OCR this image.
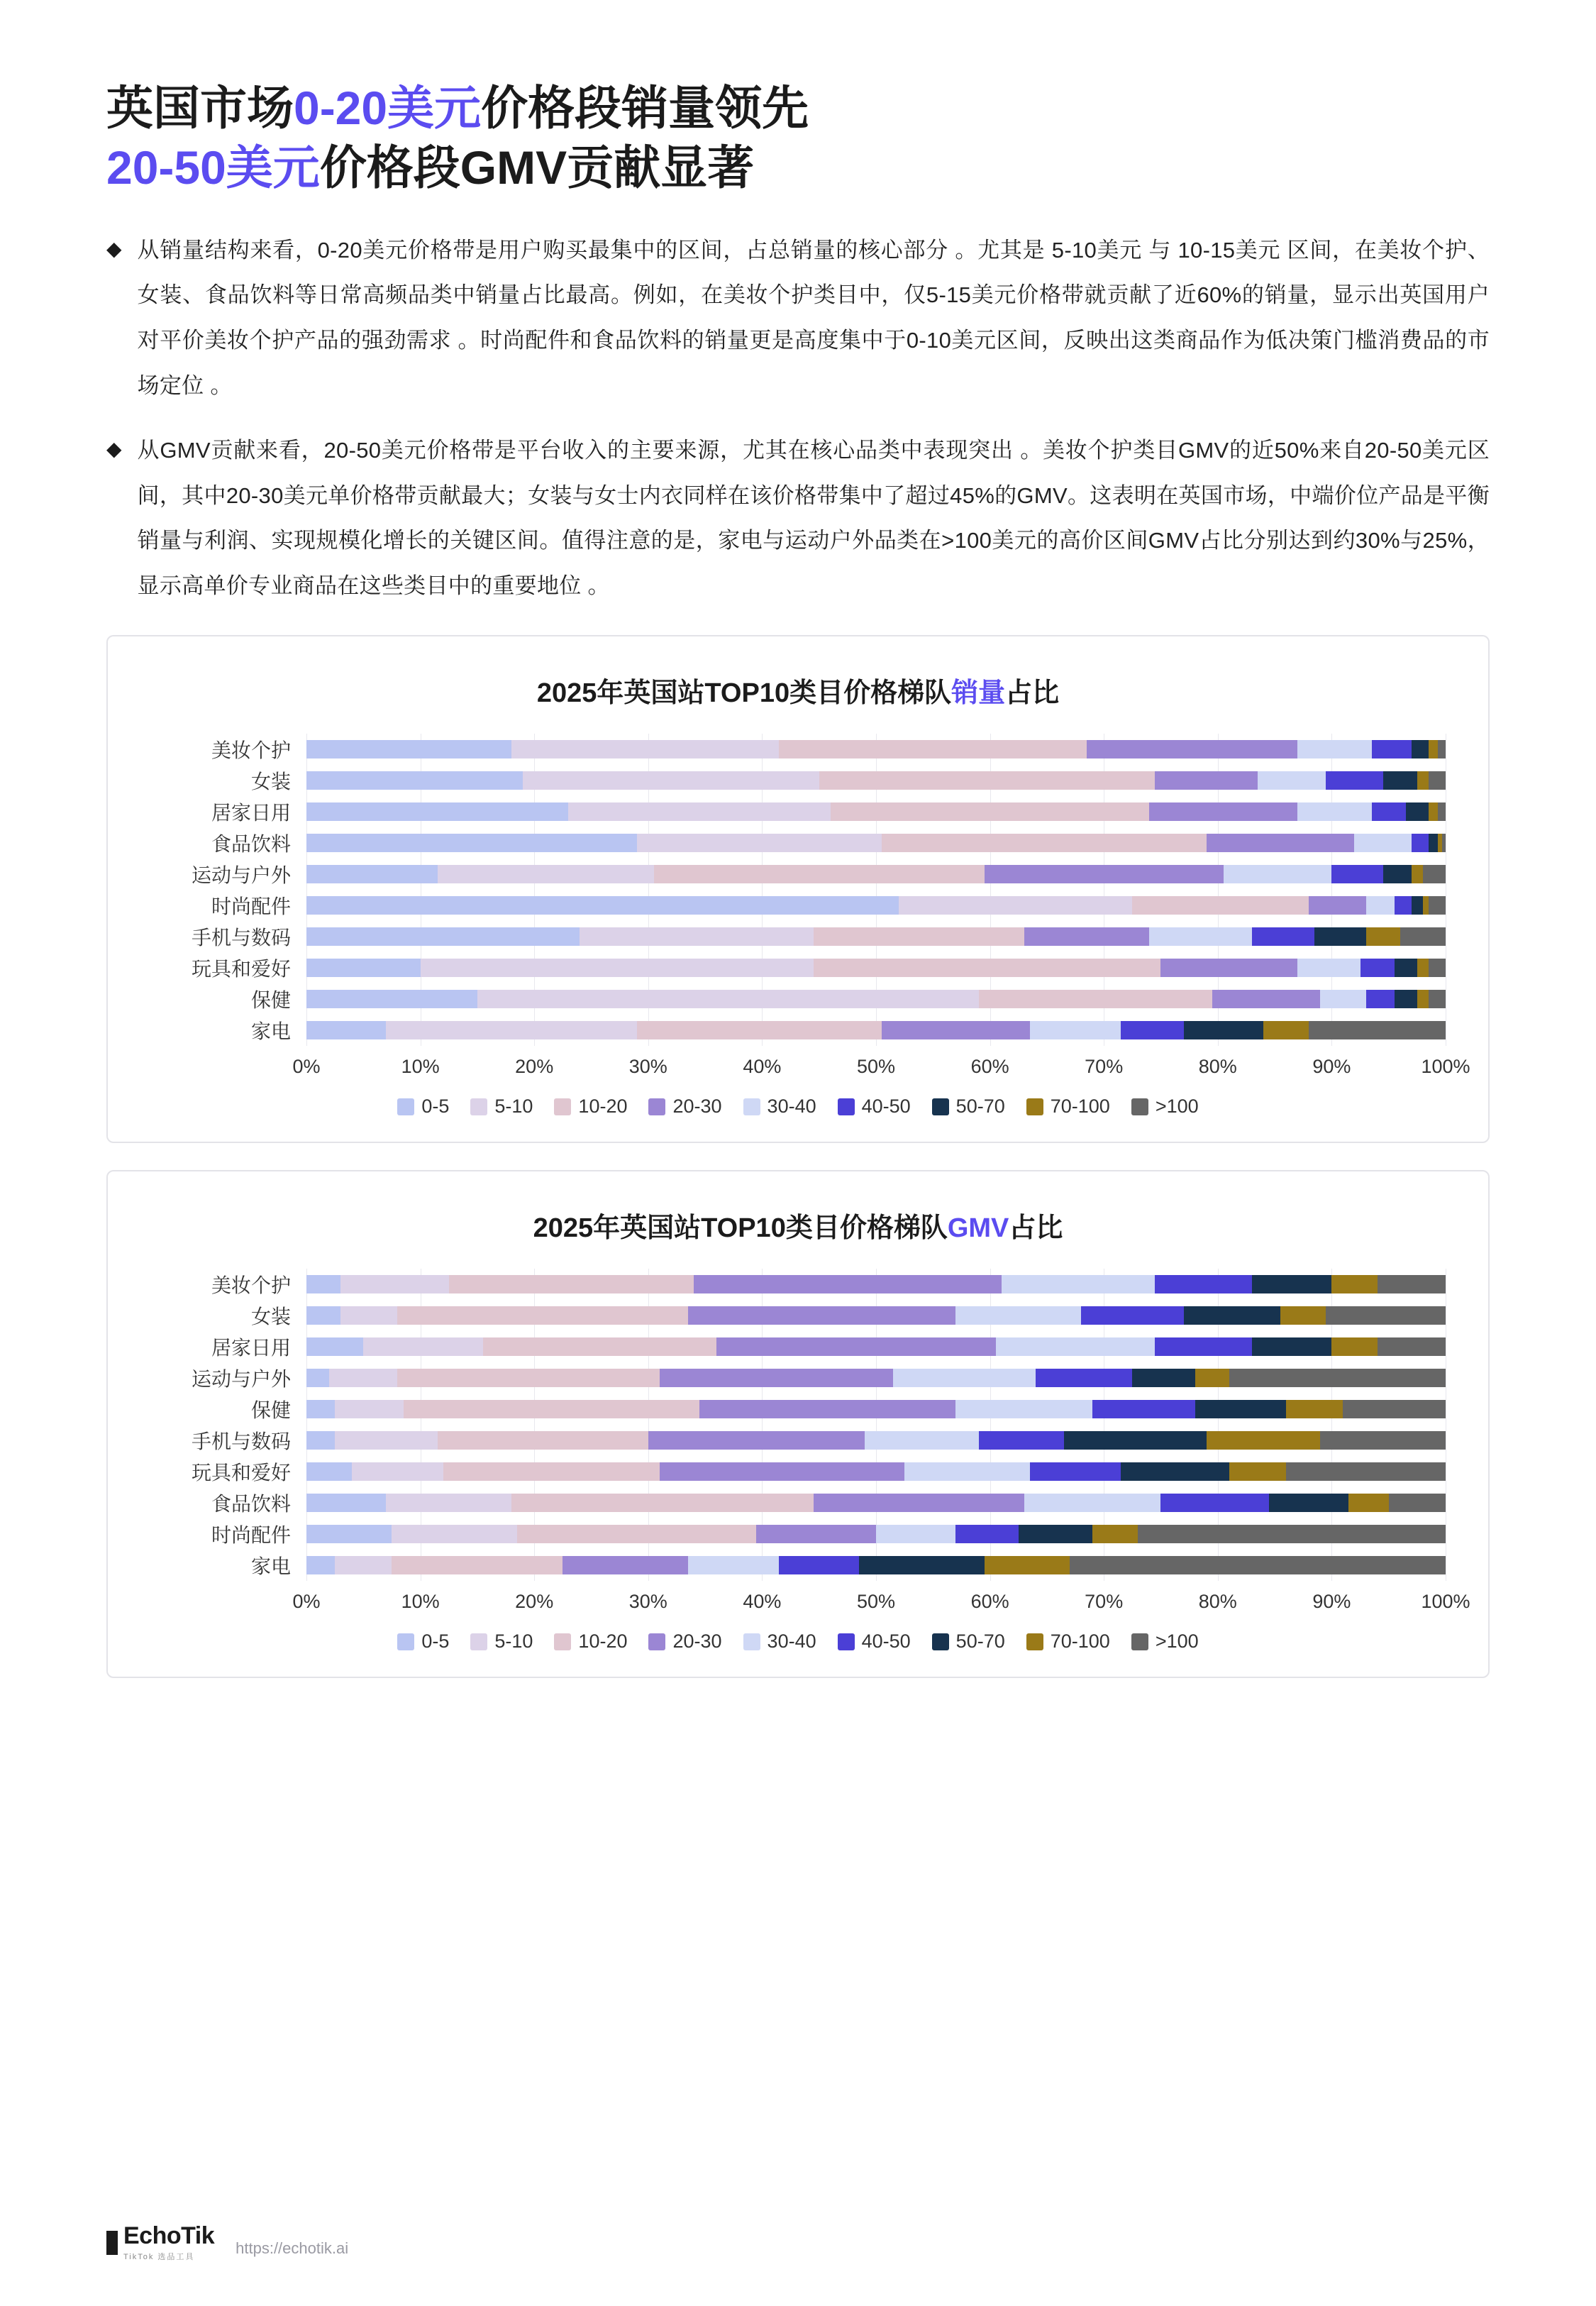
英国市场0-20美元价格段销量领先
20-50美元价格段GMV贡献显著
◆ 从销量结构来看，0-20美元价格带是用户购买最集中的区间，占总销量的核心部分 。尤其是 5-10美元 与 10-15美元 区间，在美妆个护、女装、食品饮料等日常高频品类中销量占比最高。例如，在美妆个护类目中，仅5-15美元价格带就贡献了近60%的销量，显示出英国用户对平价美妆个护产品的强劲需求 。时尚配件和食品饮料的销量更是高度集中于0-10美元区间，反映出这类商品作为低决策门槛消费品的市场定位 。
◆ 从GMV贡献来看，20-50美元价格带是平台收入的主要来源，尤其在核心品类中表现突出 。美妆个护类目GMV的近50%来自20-50美元区间，其中20-30美元单价格带贡献最大；女装与女士内衣同样在该价格带集中了超过45%的GMV。这表明在英国市场，中端价位产品是平衡销量与利润、实现规模化增长的关键区间。值得注意的是，家电与运动户外品类在>100美元的高价区间GMV占比分别达到约30%与25%，显示高单价专业商品在这些类目中的重要地位 。
2025年英国站TOP10类目价格梯队销量占比
美妆个护
女装
居家日用
食品饮料
运动与户外
时尚配件
手机与数码
玩具和爱好
保健
家电
0%	10%	20%	30%	40%	50%	60%	70%	80%	90%	100%
0-5 5-10 10-20 20-30 30-40 40-50 50-70 70-100 >100
2025年英国站TOP10类目价格梯队GMV占比
美妆个护
女装
居家日用
运动与户外
保健
手机与数码
玩具和爱好
食品饮料
时尚配件
家电
0%	10%	20%	30%	40%	50%	60%	70%	80%	90%	100%
0-5 5-10 10-20 20-30 30-40 40-50 50-70 70-100 >100
EchoTik
TikTok 选品工具	https://echotik.ai
